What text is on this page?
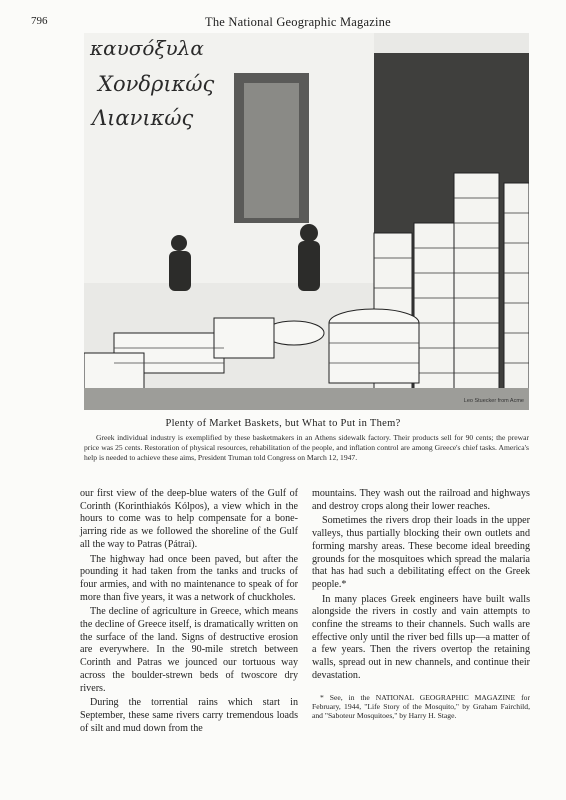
796	The National Geographic Magazine
καυσόξυλα
Χονδρικώς
Λιανικώς
Leo Stuecker from Acme
Plenty of Market Baskets, but What to Put in Them?
Greek individual industry is exemplified by these basketmakers in an Athens sidewalk factory. Their products sell for 90 cents; the prewar price was 25 cents. Restoration of physical resources, rehabilitation of the people, and inflation control are among Greece's chief tasks. America's help is needed to achieve these aims, President Truman told Congress on March 12, 1947.

our first view of the deep-blue waters of the Gulf of Corinth (Korinthiakós Kólpos), a view which in the hours to come was to help compensate for a bone-jarring ride as we followed the shoreline of the Gulf all the way to Patras (Pátrai).

The highway had once been paved, but after the pounding it had taken from the tanks and trucks of four armies, and with no maintenance to speak of for more than five years, it was a network of chuckholes.

The decline of agriculture in Greece, which means the decline of Greece itself, is dramatically written on the surface of the land. Signs of destructive erosion are everywhere. In the 90-mile stretch between Corinth and Patras we jounced our tortuous way across the boulder-strewn beds of twoscore dry rivers.

During the torrential rains which start in September, these same rivers carry tremendous loads of silt and mud down from the

mountains. They wash out the railroad and highways and destroy crops along their lower reaches.

Sometimes the rivers drop their loads in the upper valleys, thus partially blocking their own outlets and forming marshy areas. These become ideal breeding grounds for the mosquitoes which spread the malaria that has had such a debilitating effect on the Greek people.*

In many places Greek engineers have built walls alongside the rivers in costly and vain attempts to confine the streams to their channels. Such walls are effective only until the river bed fills up—a matter of a few years. Then the rivers overtop the retaining walls, spread out in new channels, and continue their devastation.

* See, in the NATIONAL GEOGRAPHIC MAGAZINE for February, 1944, "Life Story of the Mosquito," by Graham Fairchild, and "Saboteur Mosquitoes," by Harry H. Stage.
